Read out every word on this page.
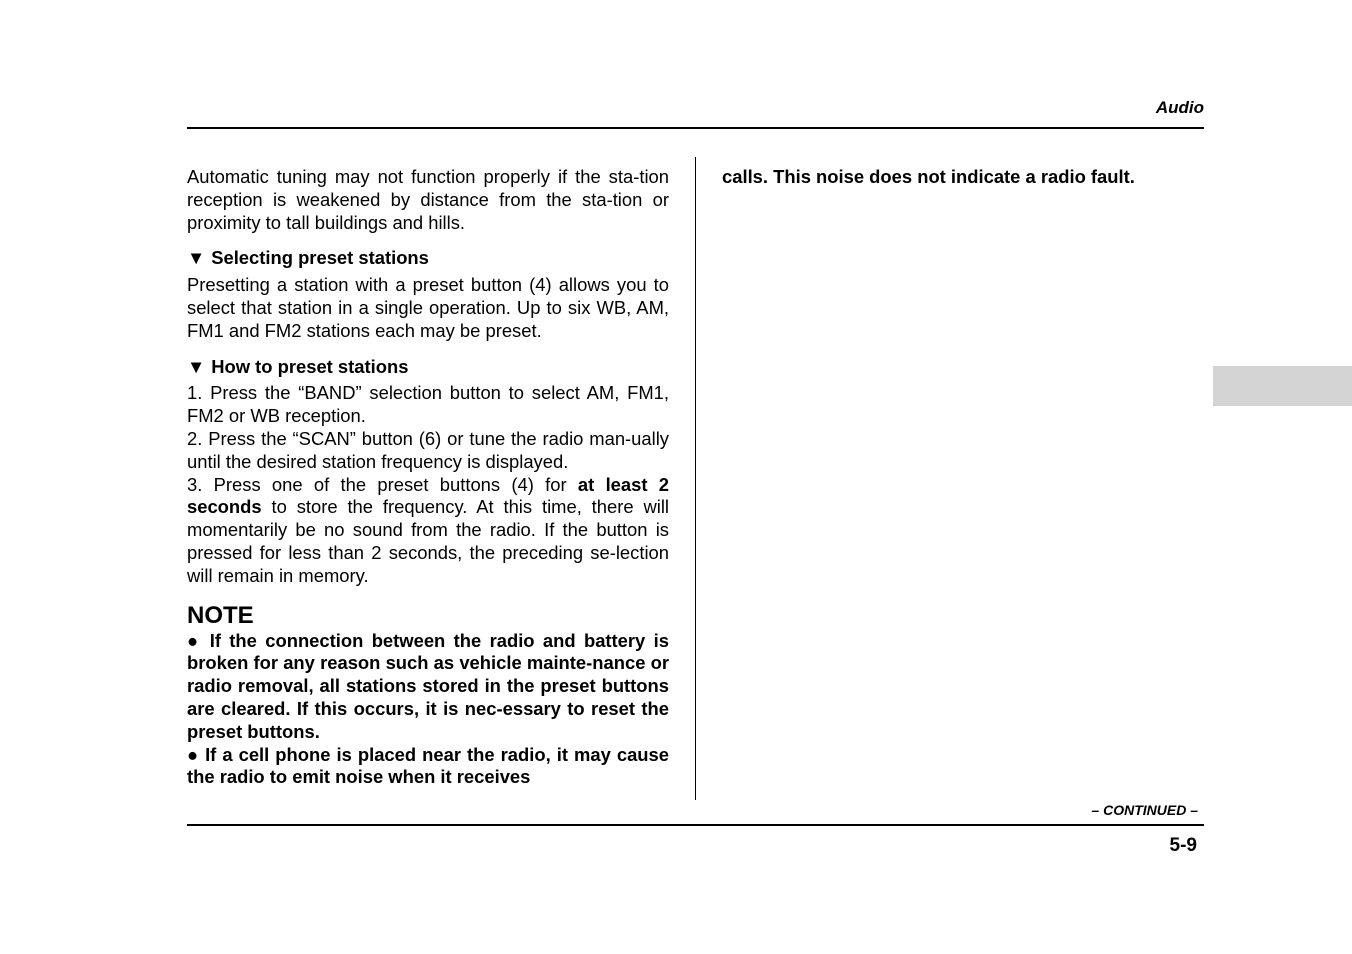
Audio

Automatic tuning may not function properly if the sta-tion reception is weakened by distance from the sta-tion or proximity to tall buildings and hills.

▼ Selecting preset stations

Presetting a station with a preset button (4) allows you to select that station in a single operation. Up to six WB, AM, FM1 and FM2 stations each may be preset.

▼ How to preset stations

1. Press the “BAND” selection button to select AM, FM1, FM2 or WB reception.

2. Press the “SCAN” button (6) or tune the radio man-ually until the desired station frequency is displayed.

3. Press one of the preset buttons (4) for at least 2 seconds to store the frequency. At this time, there will momentarily be no sound from the radio. If the button is pressed for less than 2 seconds, the preceding se-lection will remain in memory.

NOTE

● If the connection between the radio and battery is broken for any reason such as vehicle mainte-nance or radio removal, all stations stored in the preset buttons are cleared. If this occurs, it is nec-essary to reset the preset buttons.

● If a cell phone is placed near the radio, it may cause the radio to emit noise when it receives

calls. This noise does not indicate a radio fault.

– CONTINUED –
5-9
